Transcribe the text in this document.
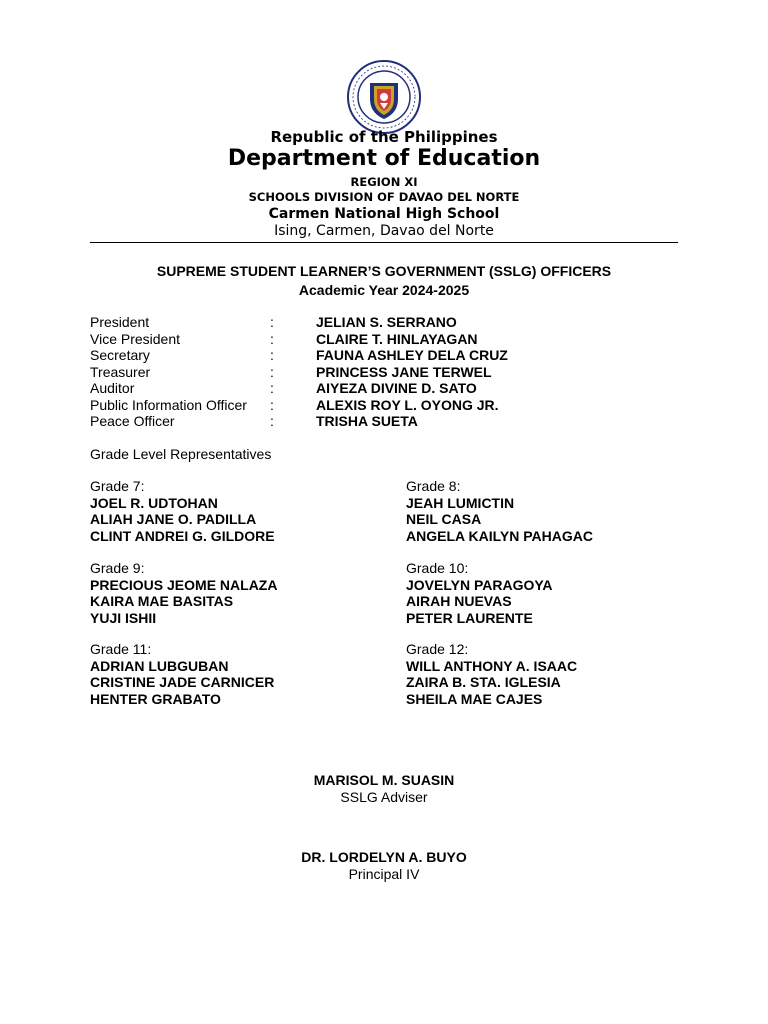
Republic of the Philippines
Department of Education
REGION XI
SCHOOLS DIVISION OF DAVAO DEL NORTE
Carmen National High School
Ising, Carmen, Davao del Norte
SUPREME STUDENT LEARNER’S GOVERNMENT (SSLG) OFFICERS
Academic Year 2024-2025
President	:	JELIAN S. SERRANO
Vice President	:	CLAIRE T. HINLAYAGAN
Secretary	:	FAUNA ASHLEY DELA CRUZ
Treasurer	:	PRINCESS JANE TERWEL
Auditor	:	AIYEZA DIVINE D. SATO
Public Information Officer :	ALEXIS ROY L. OYONG JR.
Peace Officer	:	TRISHA SUETA
Grade Level Representatives
Grade 7:
JOEL R. UDTOHAN
ALIAH JANE O. PADILLA
CLINT ANDREI G. GILDORE
Grade 8:
JEAH LUMICTIN
NEIL CASA
ANGELA KAILYN PAHAGAC
Grade 9:
PRECIOUS JEOME NALAZA
KAIRA MAE BASITAS
YUJI ISHII
Grade 10:
JOVELYN PARAGOYA
AIRAH NUEVAS
PETER LAURENTE
Grade 11:
ADRIAN LUBGUBAN
CRISTINE JADE CARNICER
HENTER GRABATO
Grade 12:
WILL ANTHONY A. ISAAC
ZAIRA B. STA. IGLESIA
SHEILA MAE CAJES
MARISOL M. SUASIN
SSLG Adviser
DR. LORDELYN A. BUYO
Principal IV
